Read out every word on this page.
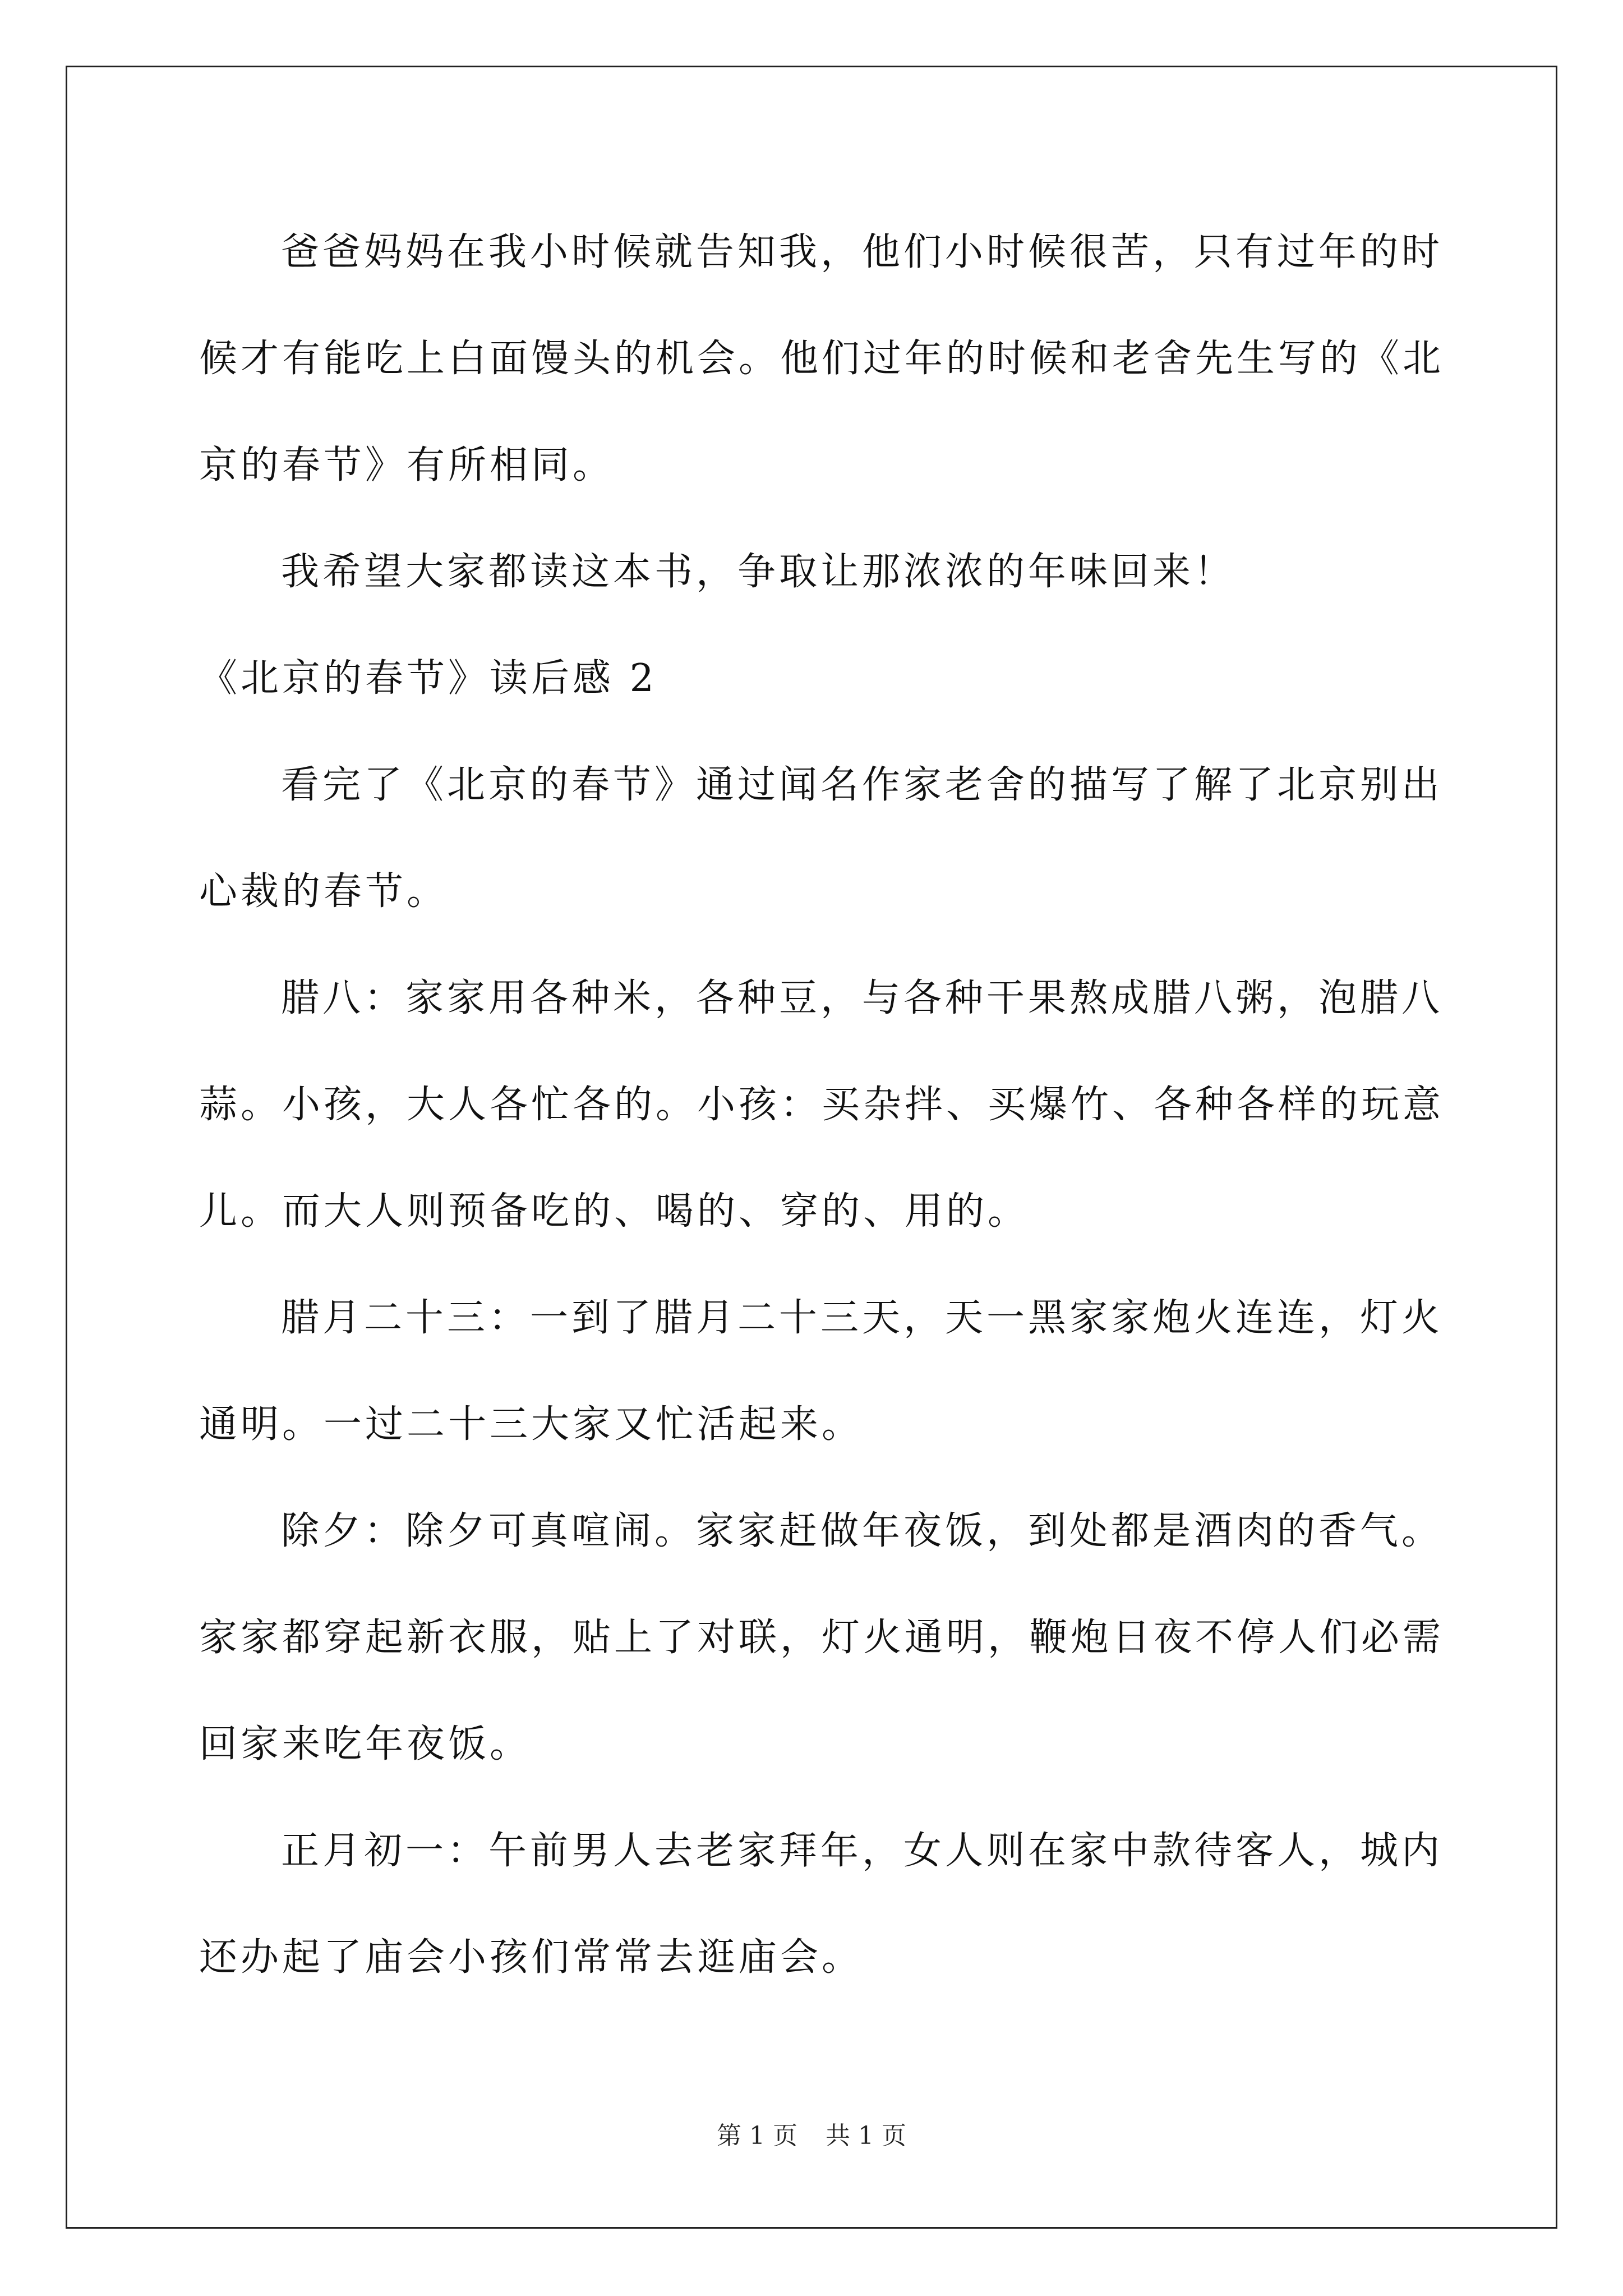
爸爸妈妈在我小时候就告知我，他们小时候很苦，只有过年的时
候才有能吃上白面馒头的机会。他们过年的时候和老舍先生写的《北
京的春节》有所相同。
我希望大家都读这本书，争取让那浓浓的年味回来！
《北京的春节》读后感 2
看完了《北京的春节》通过闻名作家老舍的描写了解了北京别出
心裁的春节。
腊八：家家用各种米，各种豆，与各种干果熬成腊八粥，泡腊八
蒜。小孩，大人各忙各的。小孩：买杂拌、买爆竹、各种各样的玩意
儿。而大人则预备吃的、喝的、穿的、用的。
腊月二十三：一到了腊月二十三天，天一黑家家炮火连连，灯火
通明。一过二十三大家又忙活起来。
除夕：除夕可真喧闹。家家赶做年夜饭，到处都是酒肉的香气。
家家都穿起新衣服，贴上了对联，灯火通明，鞭炮日夜不停人们必需
回家来吃年夜饭。
正月初一：午前男人去老家拜年，女人则在家中款待客人，城内
还办起了庙会小孩们常常去逛庙会。
第 1 页 共 1 页
